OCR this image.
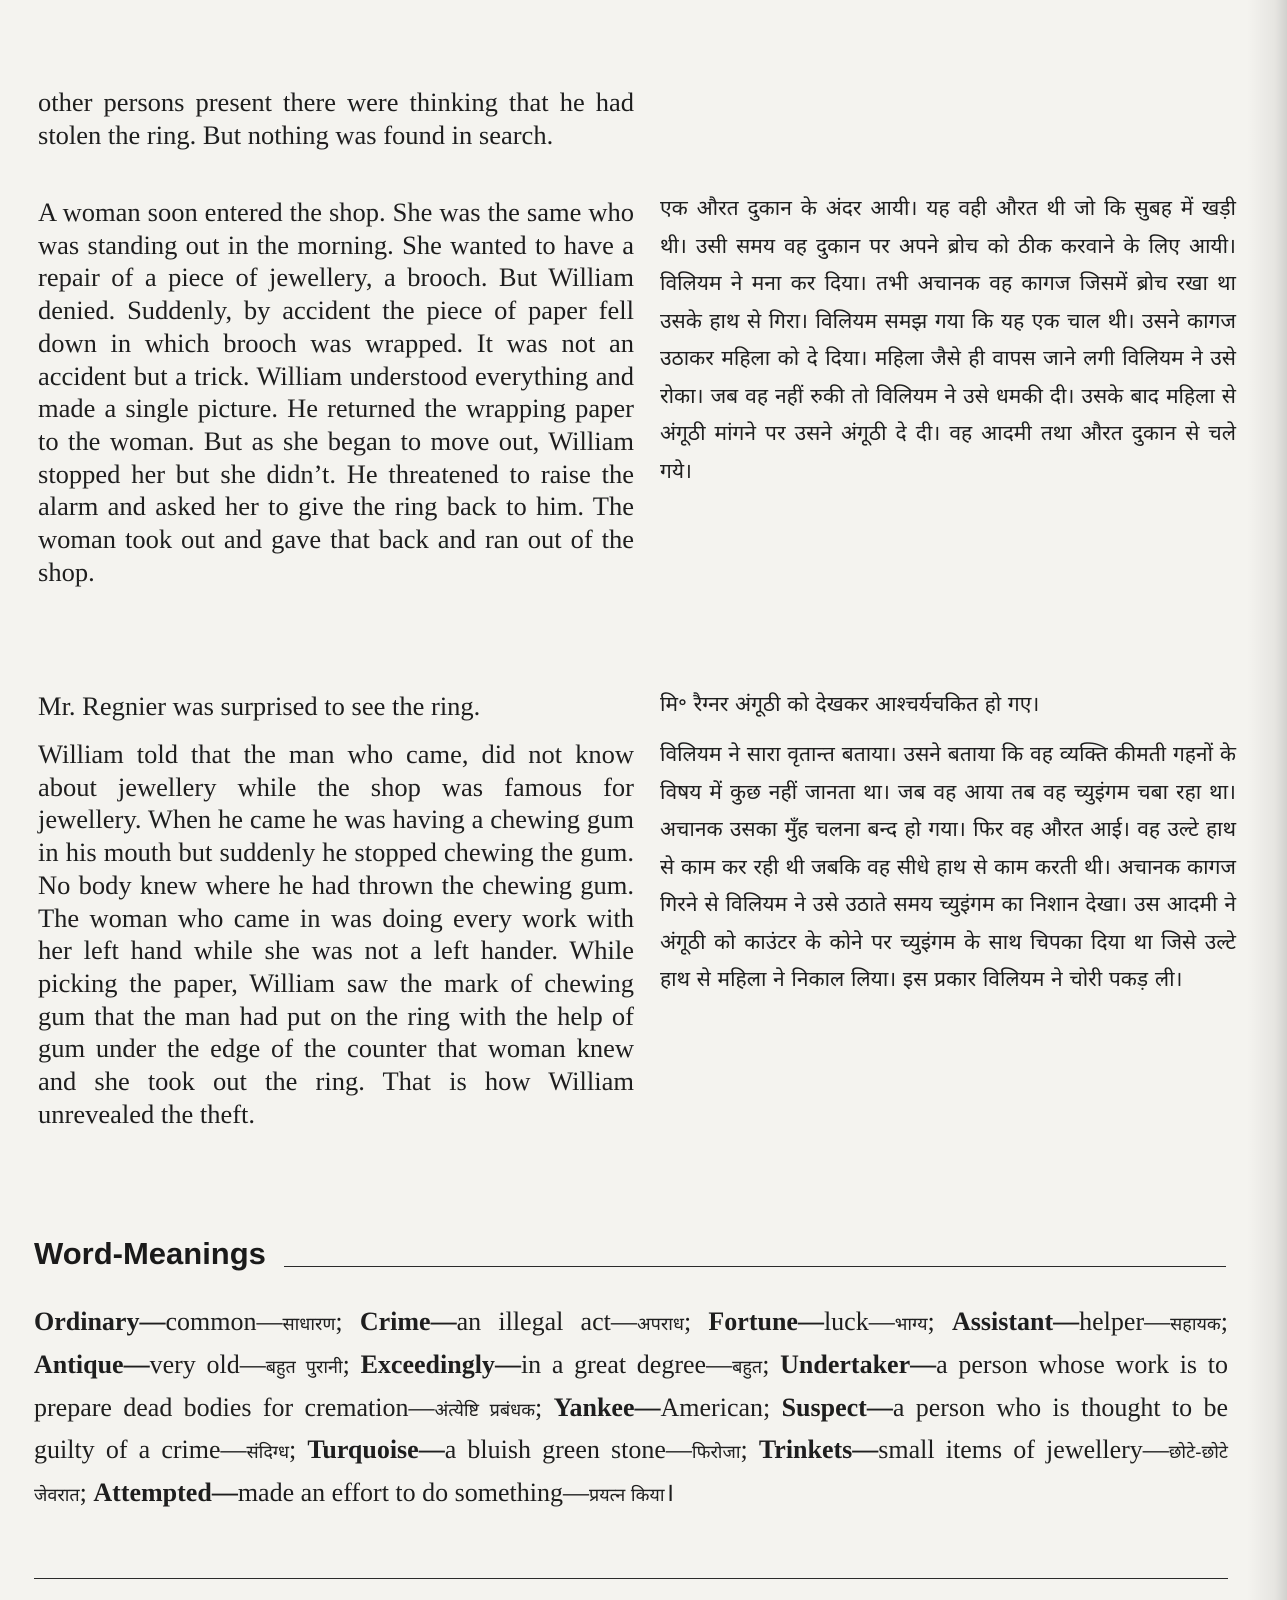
other persons present there were thinking that he had stolen the ring. But nothing was found in search.
A woman soon entered the shop. She was the same who was standing out in the morning. She wanted to have a repair of a piece of jewellery, a brooch. But William denied. Suddenly, by accident the piece of paper fell down in which brooch was wrapped. It was not an accident but a trick. William understood everything and made a single picture. He returned the wrapping paper to the woman. But as she began to move out, William stopped her but she didn’t. He threatened to raise the alarm and asked her to give the ring back to him. The woman took out and gave that back and ran out of the shop.
एक औरत दुकान के अंदर आयी। यह वही औरत थी जो कि सुबह में खड़ी थी। उसी समय वह दुकान पर अपने ब्रोच को ठीक करवाने के लिए आयी। विलियम ने मना कर दिया। तभी अचानक वह कागज जिसमें ब्रोच रखा था उसके हाथ से गिरा। विलियम समझ गया कि यह एक चाल थी। उसने कागज उठाकर महिला को दे दिया। महिला जैसे ही वापस जाने लगी विलियम ने उसे रोका। जब वह नहीं रुकी तो विलियम ने उसे धमकी दी। उसके बाद महिला से अंगूठी मांगने पर उसने अंगूठी दे दी। वह आदमी तथा औरत दुकान से चले गये।
Mr. Regnier was surprised to see the ring.	मि॰ रैग्नर अंगूठी को देखकर आश्चर्यचकित हो गए।
William told that the man who came, did not know about jewellery while the shop was famous for jewellery. When he came he was having a chewing gum in his mouth but suddenly he stopped chewing the gum. No body knew where he had thrown the chewing gum. The woman who came in was doing every work with her left hand while she was not a left hander. While picking the paper, William saw the mark of chewing gum that the man had put on the ring with the help of gum under the edge of the counter that woman knew and she took out the ring. That is how William unrevealed the theft.
विलियम ने सारा वृतान्त बताया। उसने बताया कि वह व्यक्ति कीमती गहनों के विषय में कुछ नहीं जानता था। जब वह आया तब वह च्युइंगम चबा रहा था। अचानक उसका मुँह चलना बन्द हो गया। फिर वह औरत आई। वह उल्टे हाथ से काम कर रही थी जबकि वह सीधे हाथ से काम करती थी। अचानक कागज गिरने से विलियम ने उसे उठाते समय च्युइंगम का निशान देखा। उस आदमी ने अंगूठी को काउंटर के कोने पर च्युइंगम के साथ चिपका दिया था जिसे उल्टे हाथ से महिला ने निकाल लिया। इस प्रकार विलियम ने चोरी पकड़ ली।
Word-Meanings
Ordinary—common—साधारण; Crime—an illegal act—अपराध; Fortune—luck—भाग्य; Assistant—helper—सहायक; Antique—very old—बहुत पुरानी; Exceedingly—in a great degree—बहुत; Undertaker—a person whose work is to prepare dead bodies for cremation—अंत्येष्टि प्रबंधक; Yankee—American; Suspect—a person who is thought to be guilty of a crime—संदिग्ध; Turquoise—a bluish green stone—फिरोजा; Trinkets—small items of jewellery—छोटे-छोटे जेवरात; Attempted—made an effort to do something—प्रयत्न किया।
